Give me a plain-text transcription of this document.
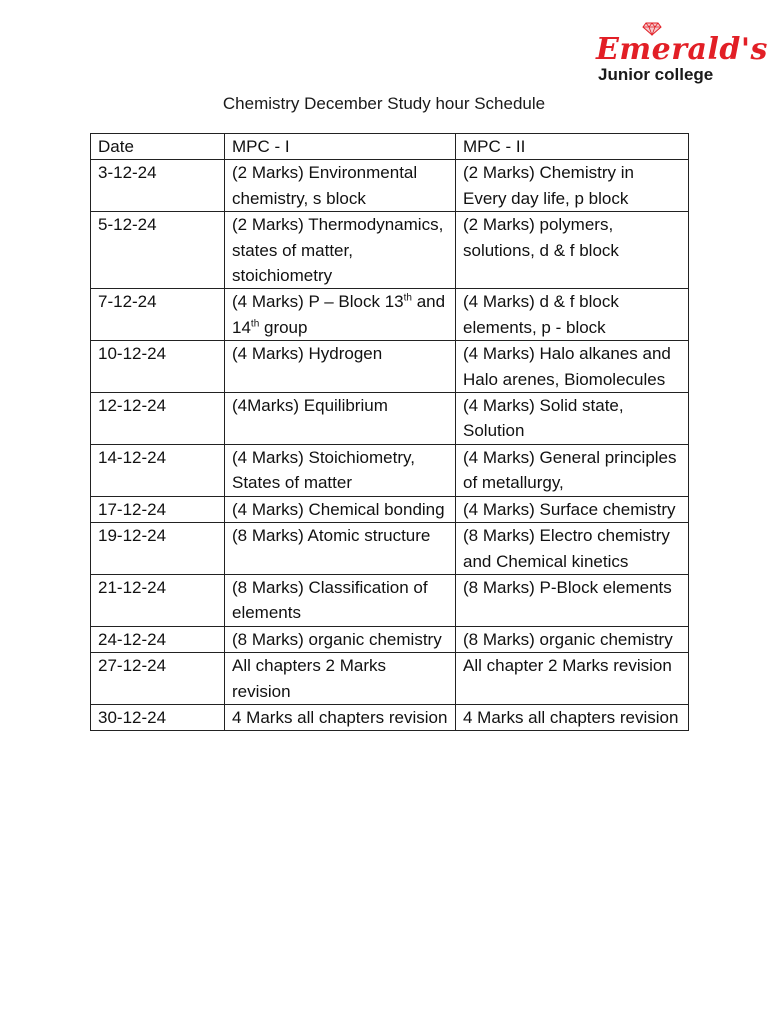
Emerald's
Junior college
Chemistry December Study hour Schedule
Date	MPC - I	MPC - II
3-12-24	(2 Marks) Environmental chemistry, s block	(2 Marks) Chemistry in Every day life, p block
5-12-24	(2 Marks) Thermodynamics, states of matter, stoichiometry	(2 Marks) polymers, solutions, d & f block
7-12-24	(4 Marks) P – Block 13th and 14th group	(4 Marks) d & f block elements, p - block
10-12-24	(4 Marks) Hydrogen	(4 Marks) Halo alkanes and Halo arenes, Biomolecules
12-12-24	(4Marks) Equilibrium	(4 Marks) Solid state, Solution
14-12-24	(4 Marks) Stoichiometry, States of matter	(4 Marks) General principles of metallurgy,
17-12-24	(4 Marks) Chemical bonding	(4 Marks) Surface chemistry
19-12-24	(8 Marks) Atomic structure	(8 Marks) Electro chemistry and Chemical kinetics
21-12-24	(8 Marks) Classification of elements	(8 Marks) P-Block elements
24-12-24	(8 Marks) organic chemistry	(8 Marks) organic chemistry
27-12-24	All chapters 2 Marks revision	All chapter 2 Marks revision
30-12-24	4 Marks all chapters revision	4 Marks all chapters revision
